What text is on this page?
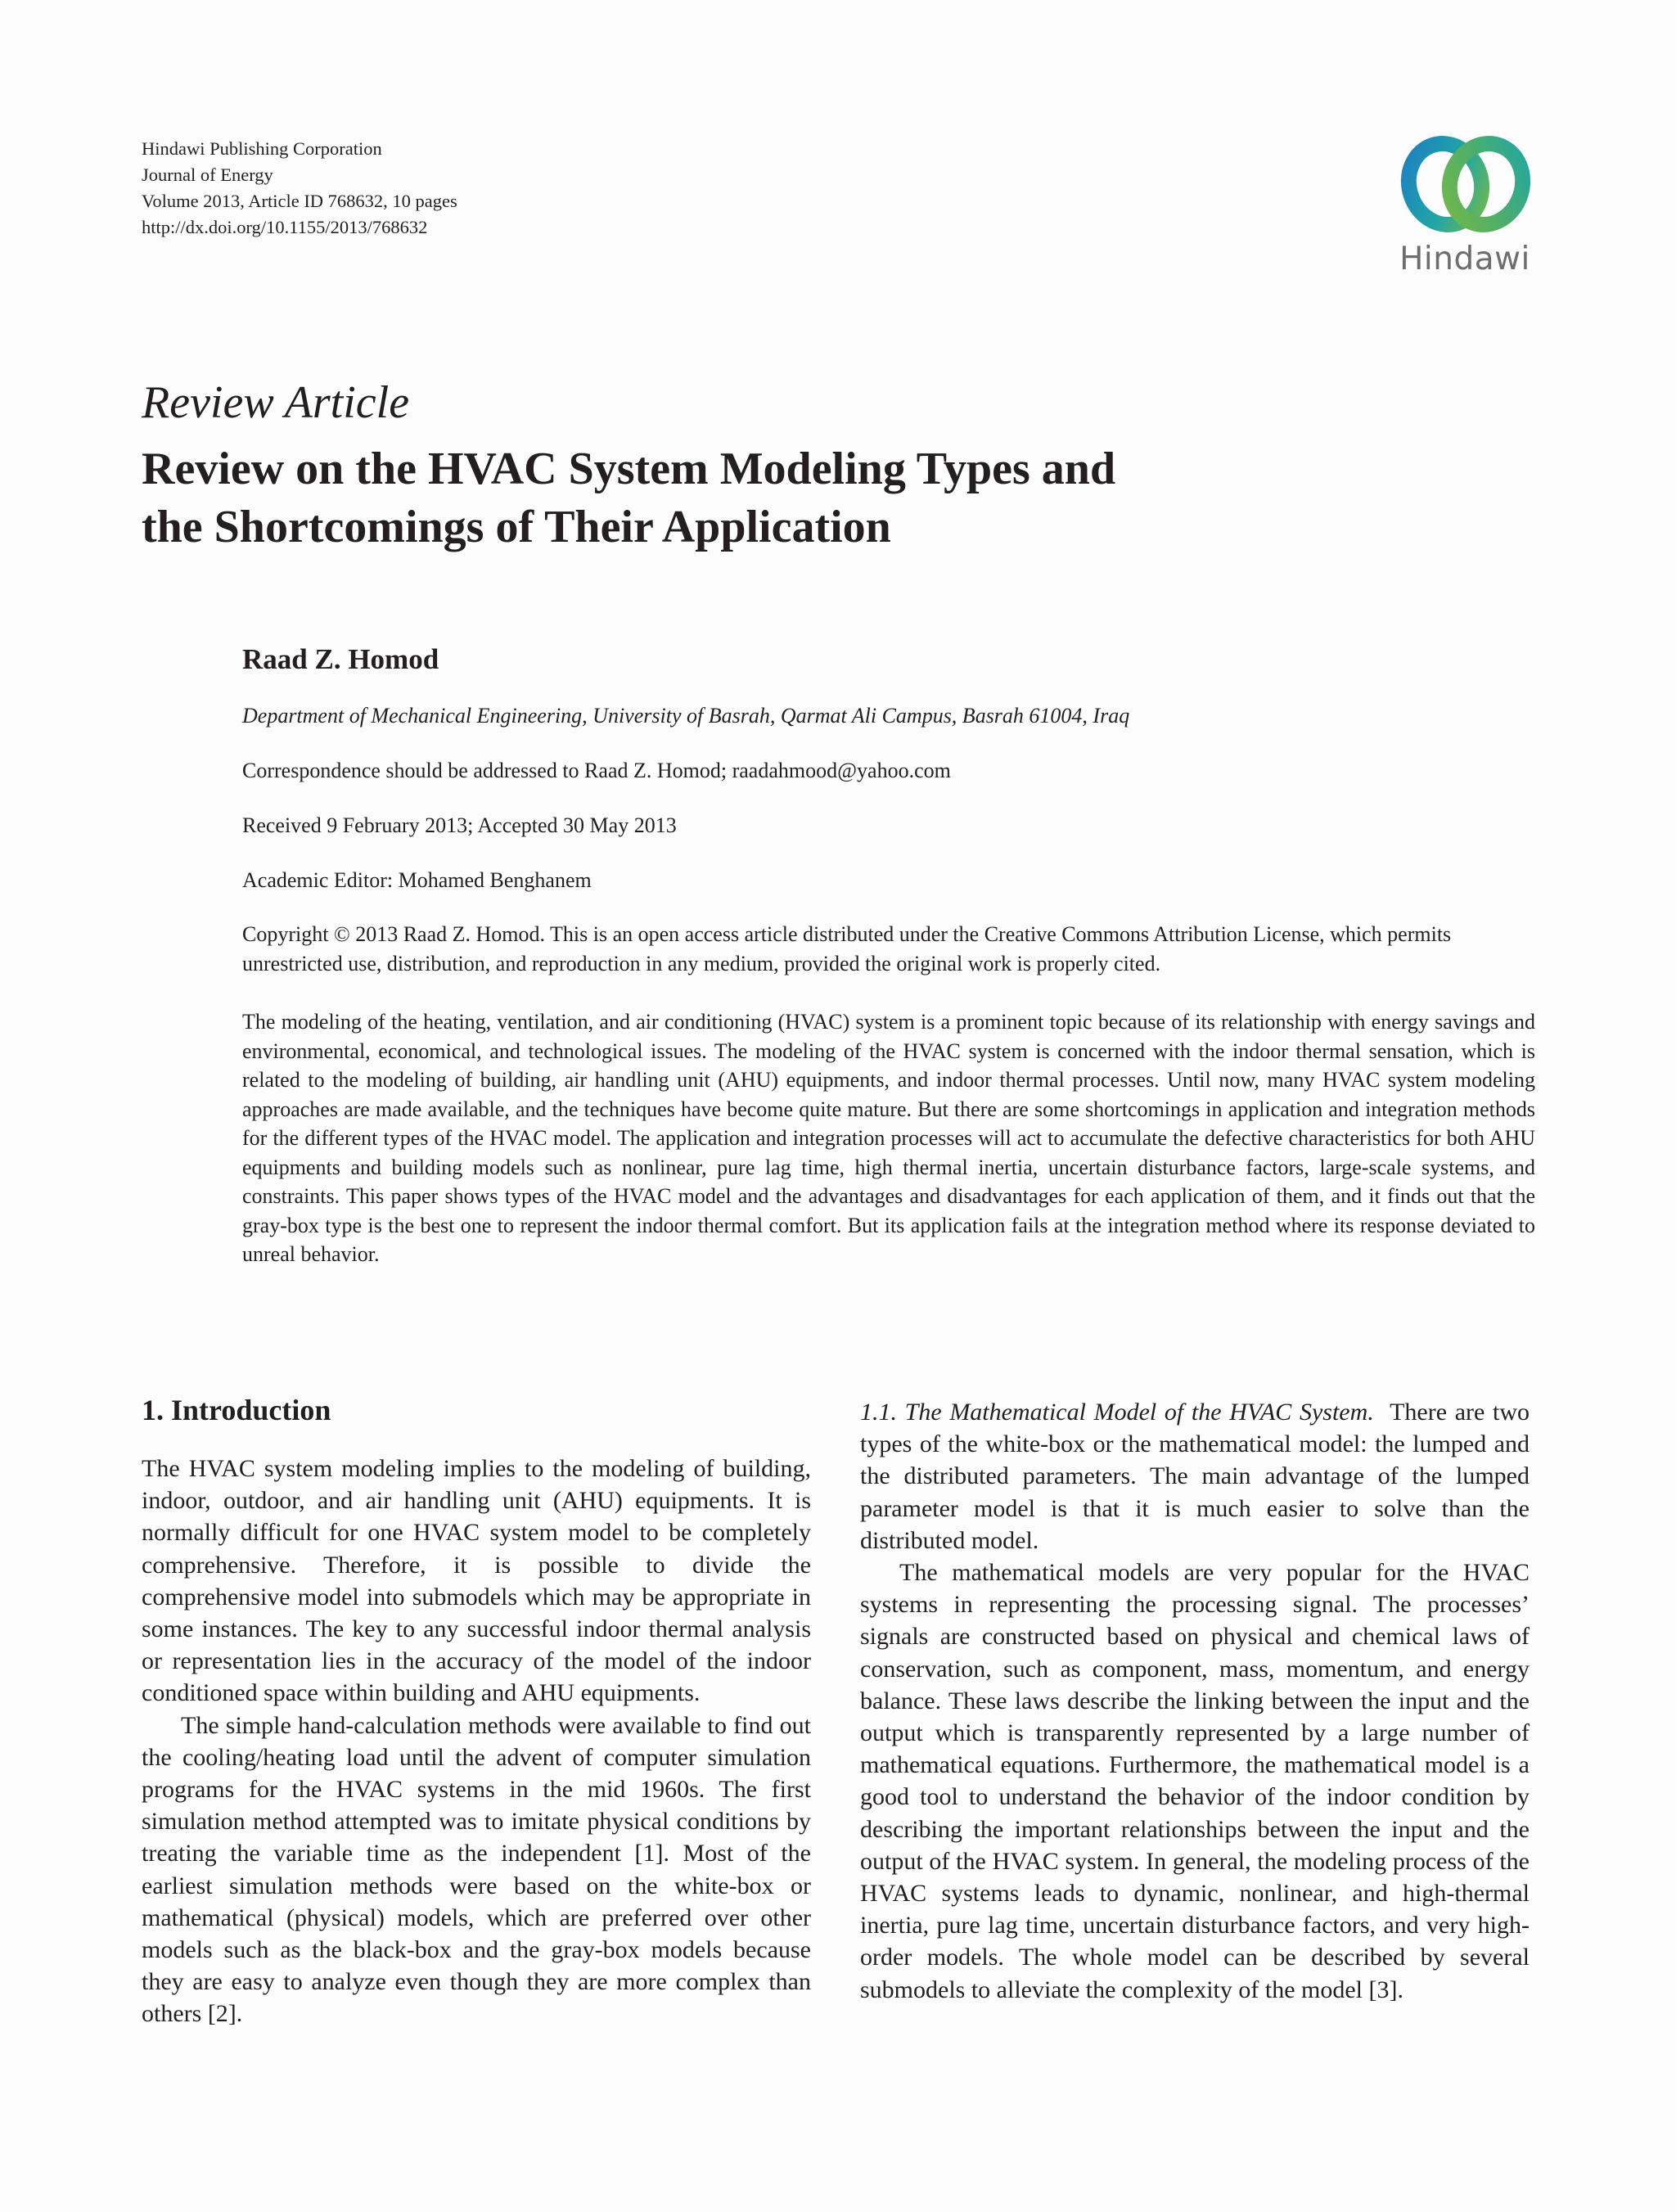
Hindawi Publishing Corporation
Journal of Energy
Volume 2013, Article ID 768632, 10 pages
http://dx.doi.org/10.1155/2013/768632
Hindawi
Review Article
Review on the HVAC System Modeling Types and
the Shortcomings of Their Application
Raad Z. Homod
Department of Mechanical Engineering, University of Basrah, Qarmat Ali Campus, Basrah 61004, Iraq
Correspondence should be addressed to Raad Z. Homod; raadahmood@yahoo.com
Received 9 February 2013; Accepted 30 May 2013
Academic Editor: Mohamed Benghanem
Copyright © 2013 Raad Z. Homod. This is an open access article distributed under the Creative Commons Attribution License, which permits unrestricted use, distribution, and reproduction in any medium, provided the original work is properly cited.

The modeling of the heating, ventilation, and air conditioning (HVAC) system is a prominent topic because of its relationship with energy savings and environmental, economical, and technological issues. The modeling of the HVAC system is concerned with the indoor thermal sensation, which is related to the modeling of building, air handling unit (AHU) equipments, and indoor thermal processes. Until now, many HVAC system modeling approaches are made available, and the techniques have become quite mature. But there are some shortcomings in application and integration methods for the different types of the HVAC model. The application and integration processes will act to accumulate the defective characteristics for both AHU equipments and building models such as nonlinear, pure lag time, high thermal inertia, uncertain disturbance factors, large-scale systems, and constraints. This paper shows types of the HVAC model and the advantages and disadvantages for each application of them, and it finds out that the gray-box type is the best one to represent the indoor thermal comfort. But its application fails at the integration method where its response deviated to unreal behavior.

1. Introduction

The HVAC system modeling implies to the modeling of building, indoor, outdoor, and air handling unit (AHU) equipments. It is normally difficult for one HVAC system model to be completely comprehensive. Therefore, it is possible to divide the comprehensive model into submodels which may be appropriate in some instances. The key to any successful indoor thermal analysis or representation lies in the accuracy of the model of the indoor conditioned space within building and AHU equipments.

The simple hand-calculation methods were available to find out the cooling/heating load until the advent of computer simulation programs for the HVAC systems in the mid 1960s. The first simulation method attempted was to imitate physical conditions by treating the variable time as the independent [1]. Most of the earliest simulation methods were based on the white-box or mathematical (physical) models, which are preferred over other models such as the black-box and the gray-box models because they are easy to analyze even though they are more complex than others [2].

1.1. The Mathematical Model of the HVAC System. There are two types of the white-box or the mathematical model: the lumped and the distributed parameters. The main advantage of the lumped parameter model is that it is much easier to solve than the distributed model.

The mathematical models are very popular for the HVAC systems in representing the processing signal. The processes’ signals are constructed based on physical and chemical laws of conservation, such as component, mass, momentum, and energy balance. These laws describe the linking between the input and the output which is transparently represented by a large number of mathematical equations. Furthermore, the mathematical model is a good tool to understand the behavior of the indoor condition by describing the important relationships between the input and the output of the HVAC system. In general, the modeling process of the HVAC systems leads to dynamic, nonlinear, and high-thermal inertia, pure lag time, uncertain disturbance factors, and very high-order models. The whole model can be described by several submodels to alleviate the complexity of the model [3].
